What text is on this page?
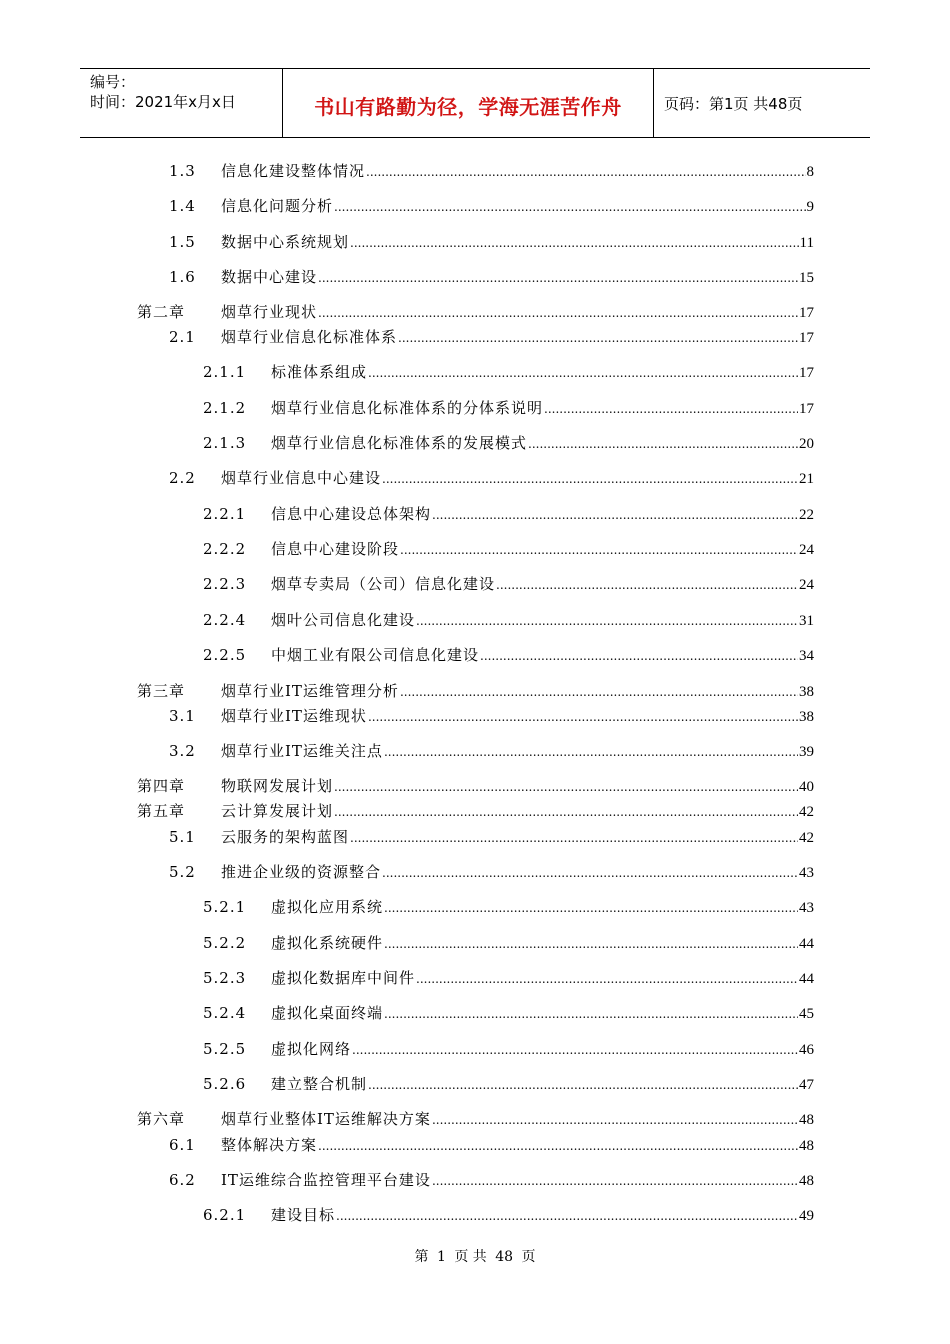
编号：
时间：2021年x月x日	书山有路勤为径，学海无涯苦作舟	页码：第1页 共48页
1.3 信息化建设整体情况 .....	8
1.4 信息化问题分析 .....	9
1.5 数据中心系统规划 .....	11
1.6 数据中心建设 .....	15
第二章 烟草行业现状 .....	17
2.1 烟草行业信息化标准体系 .....	17
2.1.1 标准体系组成 .....	17
2.1.2 烟草行业信息化标准体系的分体系说明 .....	17
2.1.3 烟草行业信息化标准体系的发展模式 .....	20
2.2 烟草行业信息中心建设 .....	21
2.2.1 信息中心建设总体架构 .....	22
2.2.2 信息中心建设阶段 .....	24
2.2.3 烟草专卖局（公司）信息化建设 .....	24
2.2.4 烟叶公司信息化建设 .....	31
2.2.5 中烟工业有限公司信息化建设 .....	34
第三章 烟草行业IT运维管理分析 .....	38
3.1 烟草行业IT运维现状 .....	38
3.2 烟草行业IT运维关注点 .....	39
第四章 物联网发展计划 .....	40
第五章 云计算发展计划 .....	42
5.1 云服务的架构蓝图 .....	42
5.2 推进企业级的资源整合 .....	43
5.2.1 虚拟化应用系统 .....	43
5.2.2 虚拟化系统硬件 .....	44
5.2.3 虚拟化数据库中间件 .....	44
5.2.4 虚拟化桌面终端 .....	45
5.2.5 虚拟化网络 .....	46
5.2.6 建立整合机制 .....	47
第六章 烟草行业整体IT运维解决方案 .....	48
6.1 整体解决方案 .....	48
6.2 IT运维综合监控管理平台建设 .....	48
6.2.1 建设目标 .....	49
第 1 页 共 48 页
